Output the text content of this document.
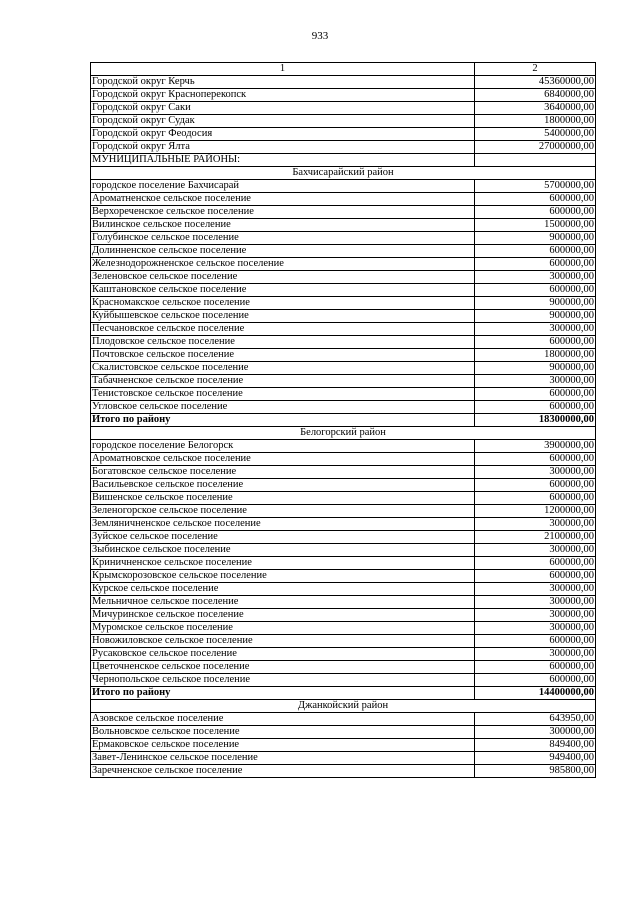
933
1	2
Городской округ Керчь	45360000,00
Городской округ Красноперекопск	6840000,00
Городской округ Саки	3640000,00
Городской округ Судак	1800000,00
Городской округ Феодосия	5400000,00
Городской округ Ялта	27000000,00
МУНИЦИПАЛЬНЫЕ РАЙОНЫ:	
Бахчисарайский район	
городское поселение Бахчисарай	5700000,00
Ароматненское сельское поселение	600000,00
Верхореченское сельское поселение	600000,00
Вилинское сельское поселение	1500000,00
Голубинское сельское поселение	900000,00
Долинненское сельское поселение	600000,00
Железнодорожненское сельское поселение	600000,00
Зеленовское сельское поселение	300000,00
Каштановское сельское поселение	600000,00
Красномакское сельское поселение	900000,00
Куйбышевское сельское поселение	900000,00
Песчановское сельское поселение	300000,00
Плодовское сельское поселение	600000,00
Почтовское сельское поселение	1800000,00
Скалистовское сельское поселение	900000,00
Табачненское сельское поселение	300000,00
Тенистовское сельское поселение	600000,00
Угловское сельское поселение	600000,00
Итого по району	18300000,00
Белогорский район	
городское поселение Белогорск	3900000,00
Ароматновское сельское поселение	600000,00
Богатовское сельское поселение	300000,00
Васильевское сельское поселение	600000,00
Вишенское сельское поселение	600000,00
Зеленогорское сельское поселение	1200000,00
Земляничненское сельское поселение	300000,00
Зуйское сельское поселение	2100000,00
Зыбинское сельское поселение	300000,00
Криничненское сельское поселение	600000,00
Крымскорозовское сельское поселение	600000,00
Курское сельское поселение	300000,00
Мельничное сельское поселение	300000,00
Мичуринское сельское поселение	300000,00
Муромское сельское поселение	300000,00
Новожиловское сельское поселение	600000,00
Русаковское сельское поселение	300000,00
Цветочненское сельское поселение	600000,00
Чернопольское сельское поселение	600000,00
Итого по району	14400000,00
Джанкойский район	
Азовское сельское поселение	643950,00
Вольновское сельское поселение	300000,00
Ермаковское сельское поселение	849400,00
Завет-Ленинское сельское поселение	949400,00
Заречненское сельское поселение	985800,00
